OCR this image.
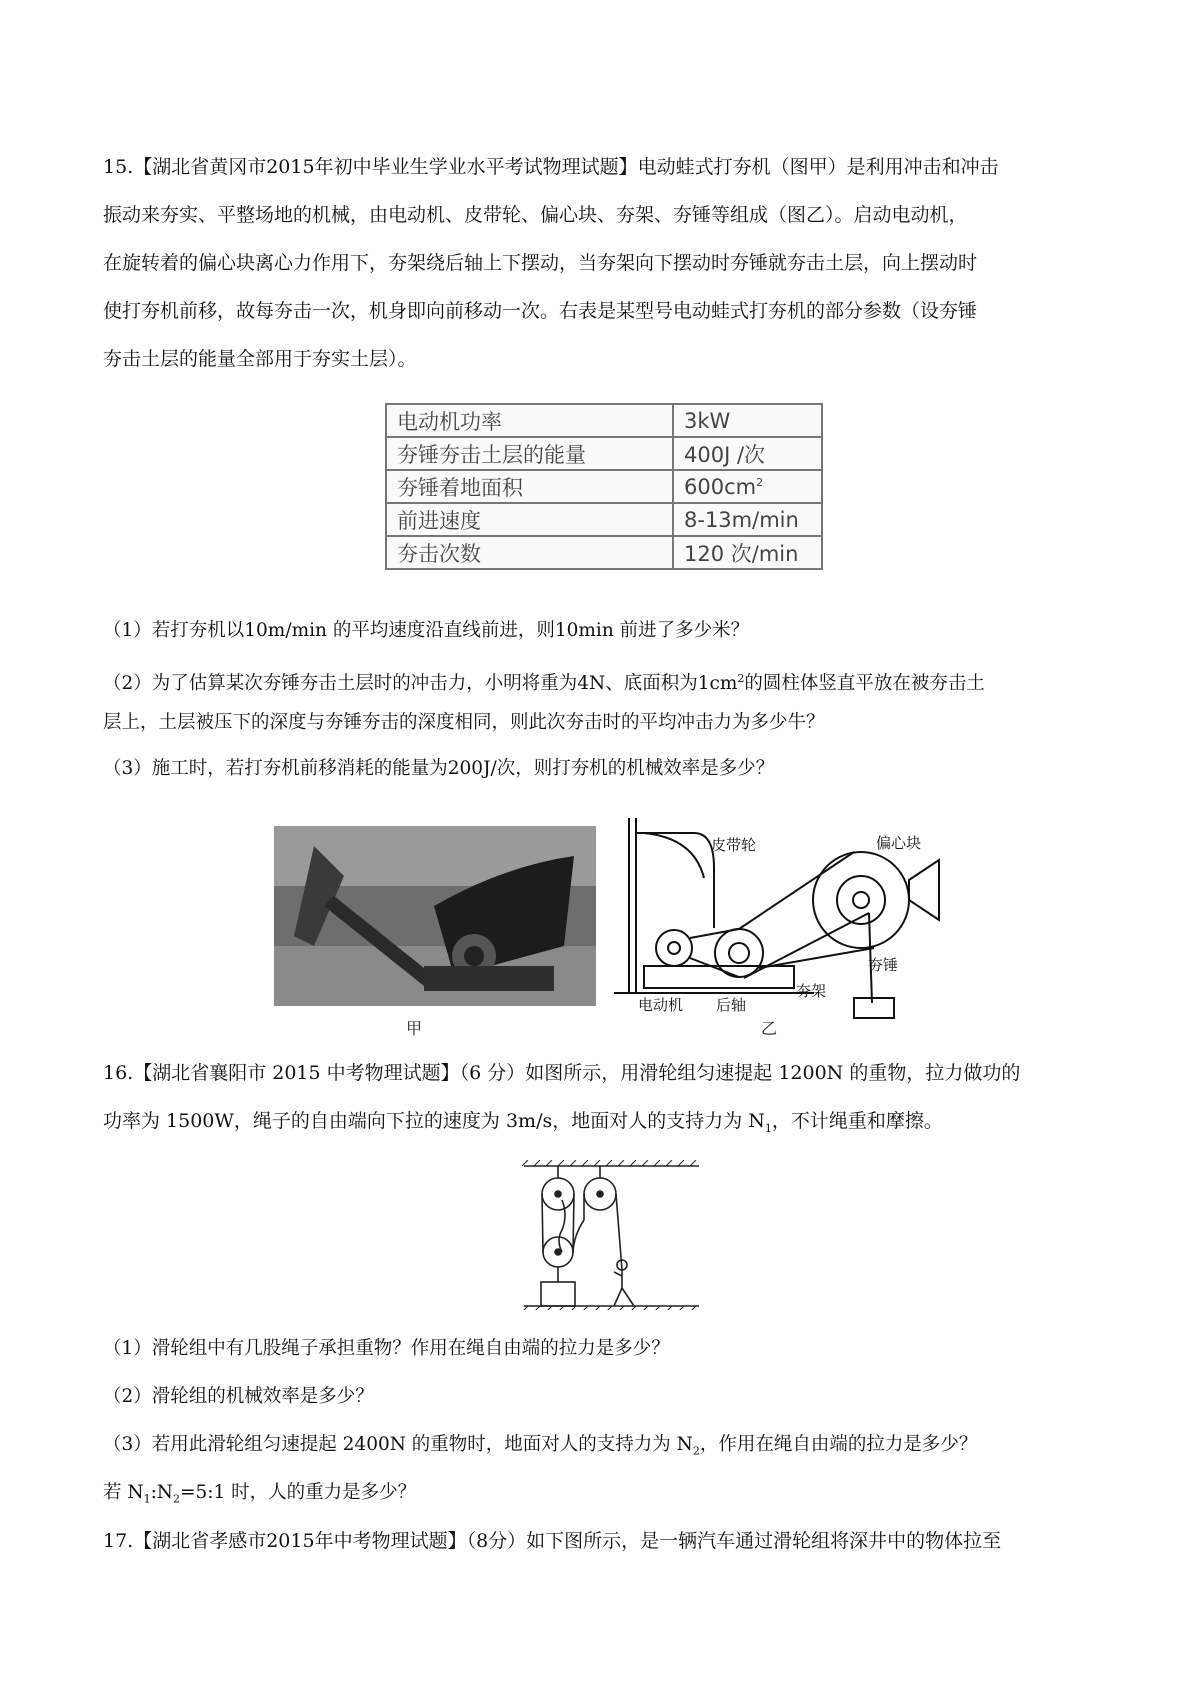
15.【湖北省黄冈市2015年初中毕业生学业水平考试物理试题】电动蛙式打夯机（图甲）是利用冲击和冲击

振动来夯实、平整场地的机械，由电动机、皮带轮、偏心块、夯架、夯锤等组成（图乙）。启动电动机，

在旋转着的偏心块离心力作用下，夯架绕后轴上下摆动，当夯架向下摆动时夯锤就夯击土层，向上摆动时

使打夯机前移，故每夯击一次，机身即向前移动一次。右表是某型号电动蛙式打夯机的部分参数（设夯锤

夯击土层的能量全部用于夯实土层）。

电动机功率	3kW
夯锤夯击土层的能量	400J /次
夯锤着地面积	$600cm^2$
前进速度	8-13m/min
夯击次数	120 次/min

（1）若打夯机以10m/min 的平均速度沿直线前进，则10min 前进了多少米？

（2）为了估算某次夯锤夯击土层时的冲击力，小明将重为4N、底面积为$1cm^2$的圆柱体竖直平放在被夯击土

层上，土层被压下的深度与夯锤夯击的深度相同，则此次夯击时的平均冲击力为多少牛？

（3）施工时，若打夯机前移消耗的能量为200J/次，则打夯机的机械效率是多少？

甲
皮带轮	偏心块
电动机 后轴
夯架
夯锤
乙

16.【湖北省襄阳市 2015 中考物理试题】（6 分）如图所示，用滑轮组匀速提起 1200N 的重物，拉力做功的

功率为 1500W，绳子的自由端向下拉的速度为 3m/s，地面对人的支持力为 $N_1$，不计绳重和摩擦。

（1）滑轮组中有几股绳子承担重物？作用在绳自由端的拉力是多少？

（2）滑轮组的机械效率是多少？

（3）若用此滑轮组匀速提起 2400N 的重物时，地面对人的支持力为 $N_2$，作用在绳自由端的拉力是多少？

若 $N_1:N_2=5:1$ 时，人的重力是多少？

17.【湖北省孝感市2015年中考物理试题】（8分）如下图所示，是一辆汽车通过滑轮组将深井中的物体拉至
